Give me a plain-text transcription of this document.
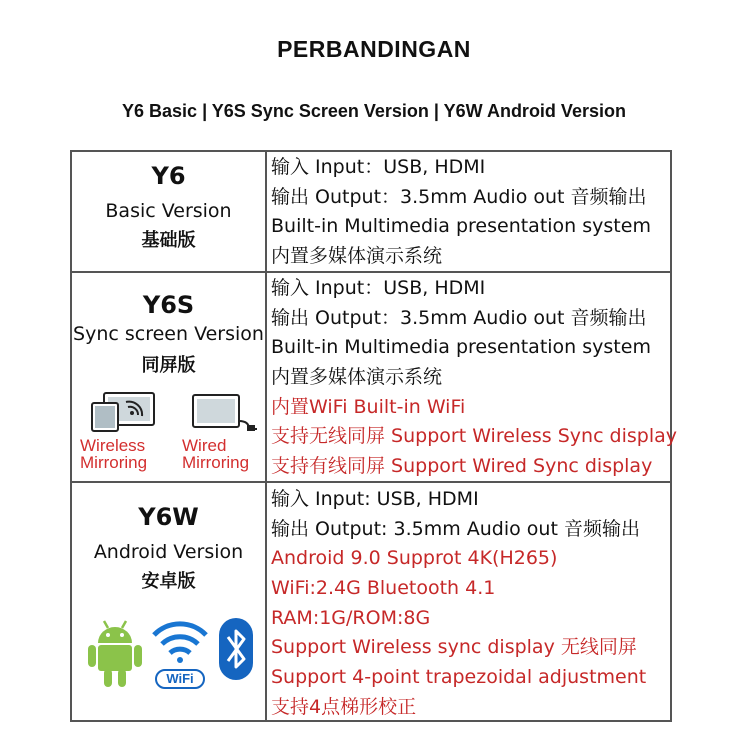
PERBANDINGAN
Y6 Basic | Y6S Sync Screen Version | Y6W Android Version
Y6
Basic Version
基础版
输入 Input：USB, HDMI
输出 Output：3.5mm Audio out 音频输出
Built-in Multimedia presentation system
内置多媒体演示系统
Y6S
Sync screen Version
同屏版
Wireless Mirroring
Wired Mirroring
输入 Input：USB, HDMI
输出 Output：3.5mm Audio out 音频输出
Built-in Multimedia presentation system
内置多媒体演示系统
内置WiFi Built-in WiFi
支持无线同屏 Support Wireless Sync display
支持有线同屏 Support Wired Sync display
Y6W
Android Version
安卓版
WiFi
输入 Input: USB, HDMI
输出 Output: 3.5mm Audio out 音频输出
Android 9.0 Supprot 4K(H265)
WiFi:2.4G Bluetooth 4.1
RAM:1G/ROM:8G
Support Wireless sync display 无线同屏
Support 4-point trapezoidal adjustment
支持4点梯形校正
